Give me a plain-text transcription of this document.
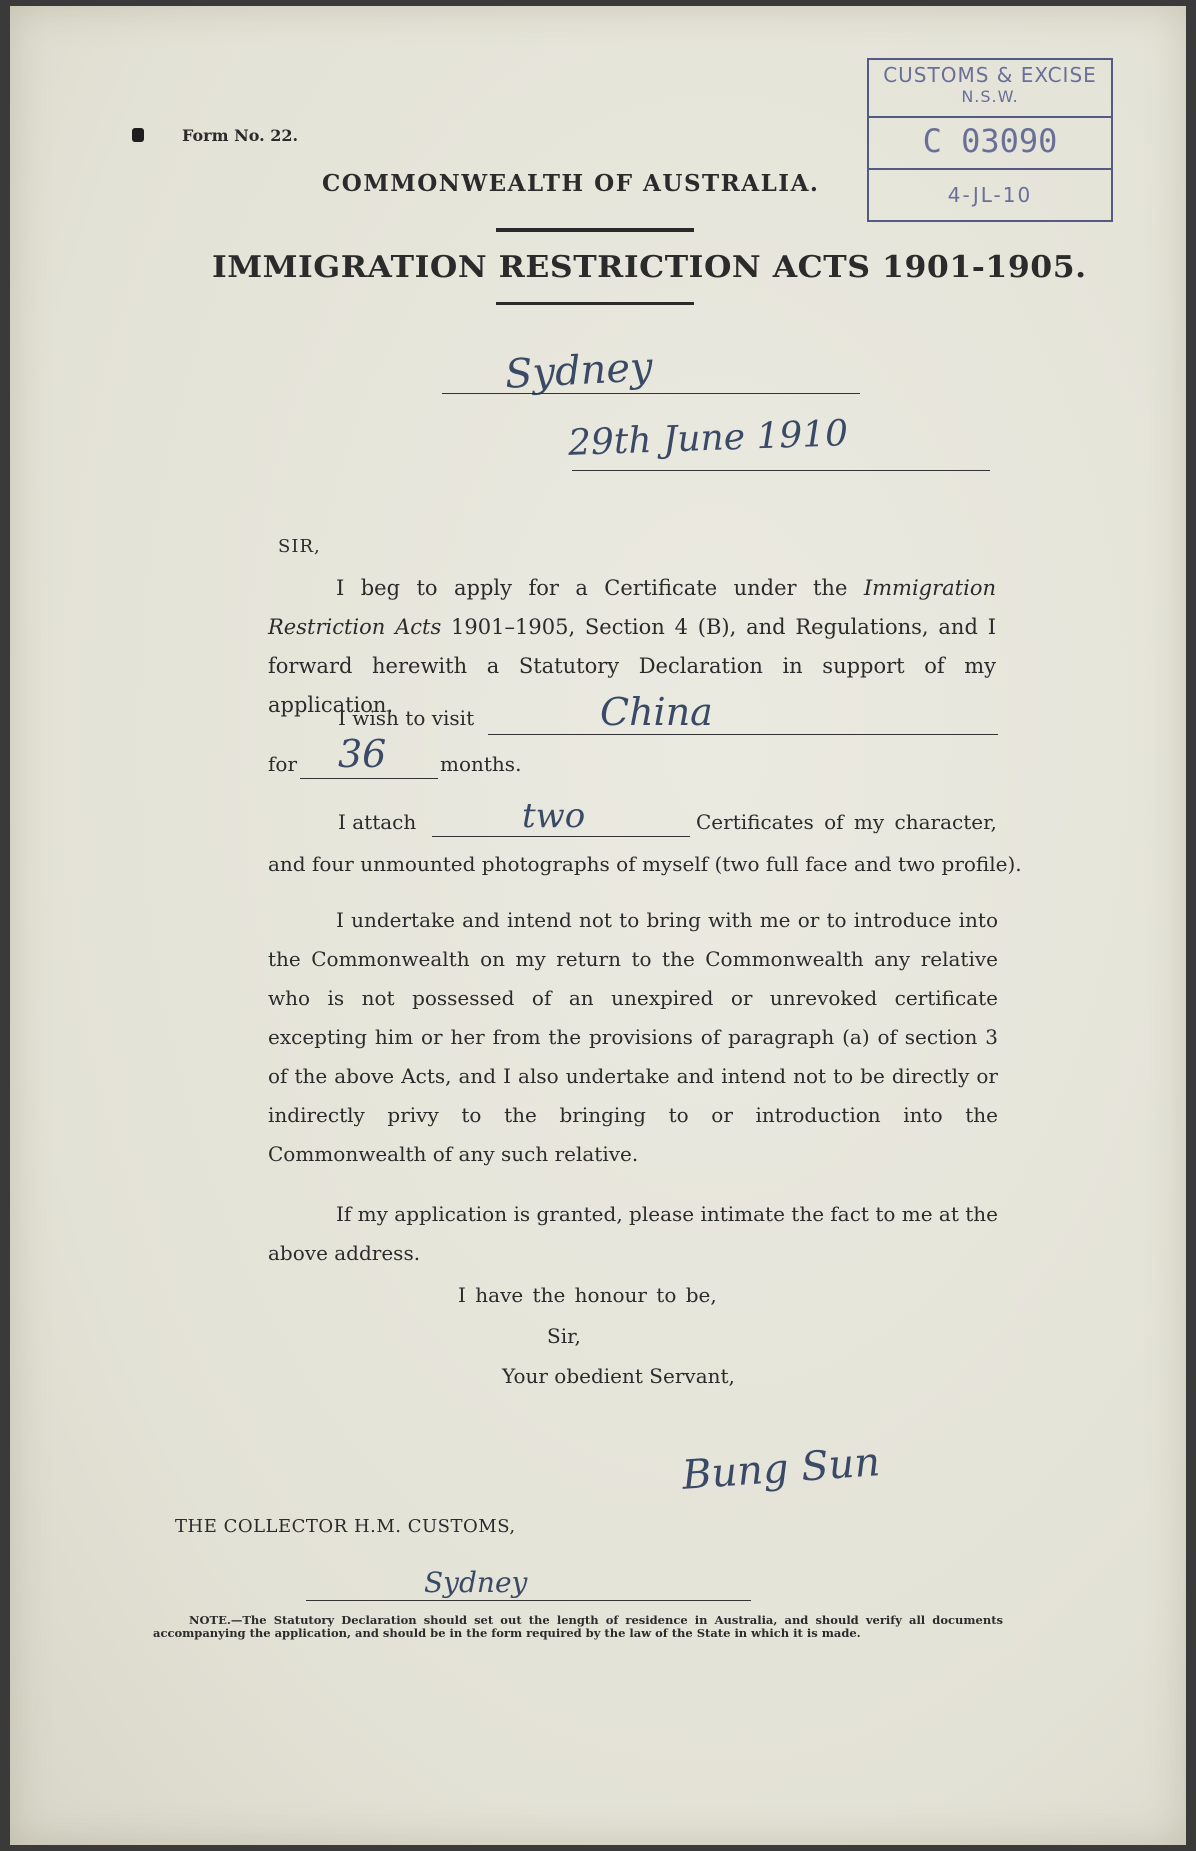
Form No. 22.
COMMONWEALTH OF AUSTRALIA.
IMMIGRATION RESTRICTION ACTS 1901-1905.
CUSTOMS & EXCISE
N.S.W.
C 03090
4-JL-10
Sydney
29th June 1910
SIR,
I beg to apply for a Certificate under the Immigration Restriction Acts 1901–1905, Section 4 (B), and Regulations, and I forward herewith a Statutory Declaration in support of my application.
I wish to visit	China
for 36	months.
I attach	two	Certificates of my character,
and four unmounted photographs of myself (two full face and two profile).
I undertake and intend not to bring with me or to introduce into the Commonwealth on my return to the Commonwealth any relative who is not possessed of an unexpired or unrevoked certificate excepting him or her from the provisions of paragraph (a) of section 3 of the above Acts, and I also undertake and intend not to be directly or indirectly privy to the bringing to or introduction into the Commonwealth of any such relative.
If my application is granted, please intimate the fact to me at the above address.
I have the honour to be,
Sir,
Your obedient Servant,
Bung Sun
THE COLLECTOR H.M. CUSTOMS,
Sydney
NOTE.—The Statutory Declaration should set out the length of residence in Australia, and should verify all documents accompanying the application, and should be in the form required by the law of the State in which it is made.
